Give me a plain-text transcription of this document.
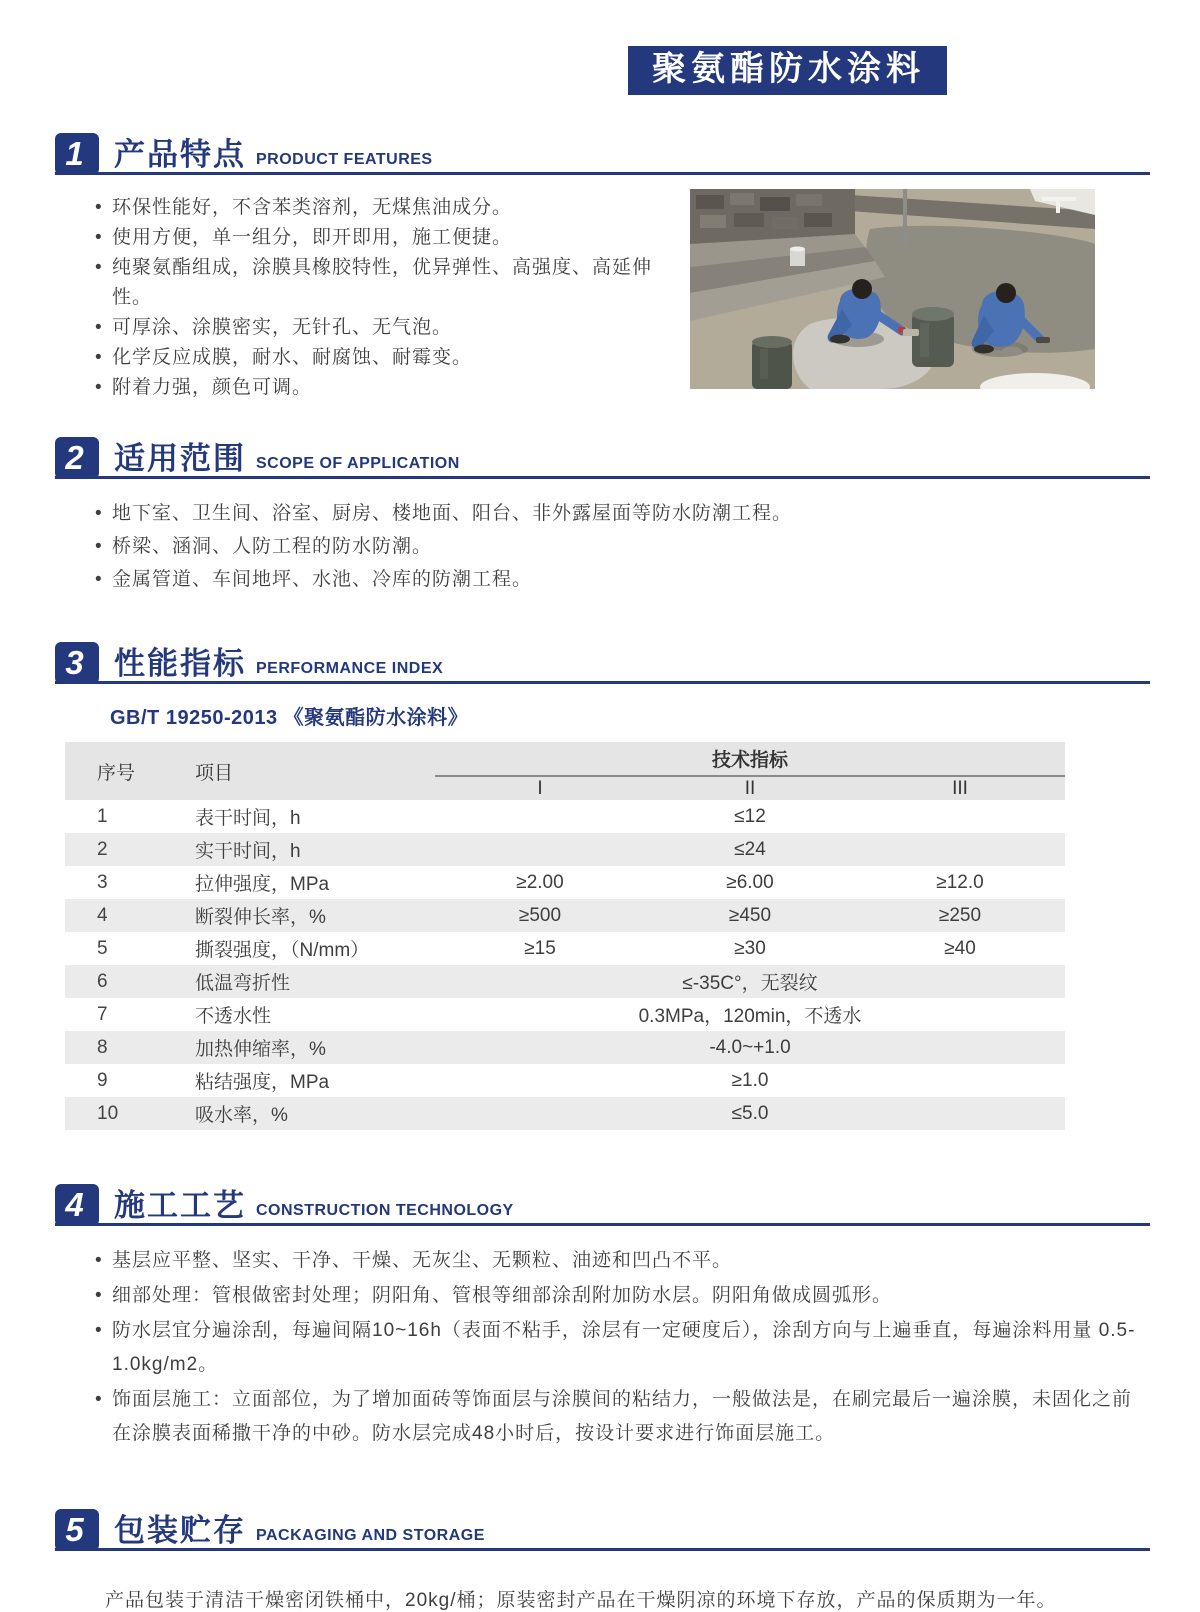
聚氨酯防水涂料
1 产品特点 PRODUCT FEATURES
• 环保性能好，不含苯类溶剂，无煤焦油成分。
• 使用方便，单一组分，即开即用，施工便捷。
• 纯聚氨酯组成，涂膜具橡胶特性，优异弹性、高强度、高延伸性。
• 可厚涂、涂膜密实，无针孔、无气泡。
• 化学反应成膜，耐水、耐腐蚀、耐霉变。
• 附着力强，颜色可调。
2 适用范围 SCOPE OF APPLICATION
• 地下室、卫生间、浴室、厨房、楼地面、阳台、非外露屋面等防水防潮工程。
• 桥梁、涵洞、人防工程的防水防潮。
• 金属管道、车间地坪、水池、冷库的防潮工程。
3 性能指标 PERFORMANCE INDEX
GB/T 19250-2013 《聚氨酯防水涂料》
序号	项目	技术指标		
		I	II	III
1	表干时间，h	≤12		
2	实干时间，h	≤24		
3	拉伸强度，MPa	≥2.00	≥6.00	≥12.0
4	断裂伸长率，%	≥500	≥450	≥250
5	撕裂强度，（N/mm）	≥15	≥30	≥40
6	低温弯折性	≤-35C°，无裂纹		
7	不透水性	0.3MPa，120min，不透水		
8	加热伸缩率，%	-4.0~+1.0		
9	粘结强度，MPa	≥1.0		
10	吸水率，%	≤5.0		
4 施工工艺 CONSTRUCTION TECHNOLOGY
• 基层应平整、坚实、干净、干燥、无灰尘、无颗粒、油迹和凹凸不平。
• 细部处理：管根做密封处理；阴阳角、管根等细部涂刮附加防水层。阴阳角做成圆弧形。
• 防水层宜分遍涂刮，每遍间隔10~16h（表面不粘手，涂层有一定硬度后），涂刮方向与上遍垂直，每遍涂料用量 0.5-1.0kg/m2。
• 饰面层施工：立面部位，为了增加面砖等饰面层与涂膜间的粘结力，一般做法是，在刷完最后一遍涂膜，未固化之前在涂膜表面稀撒干净的中砂。防水层完成48小时后，按设计要求进行饰面层施工。
5 包装贮存 PACKAGING AND STORAGE
产品包装于清洁干燥密闭铁桶中，20kg/桶；原装密封产品在干燥阴凉的环境下存放，产品的保质期为一年。
